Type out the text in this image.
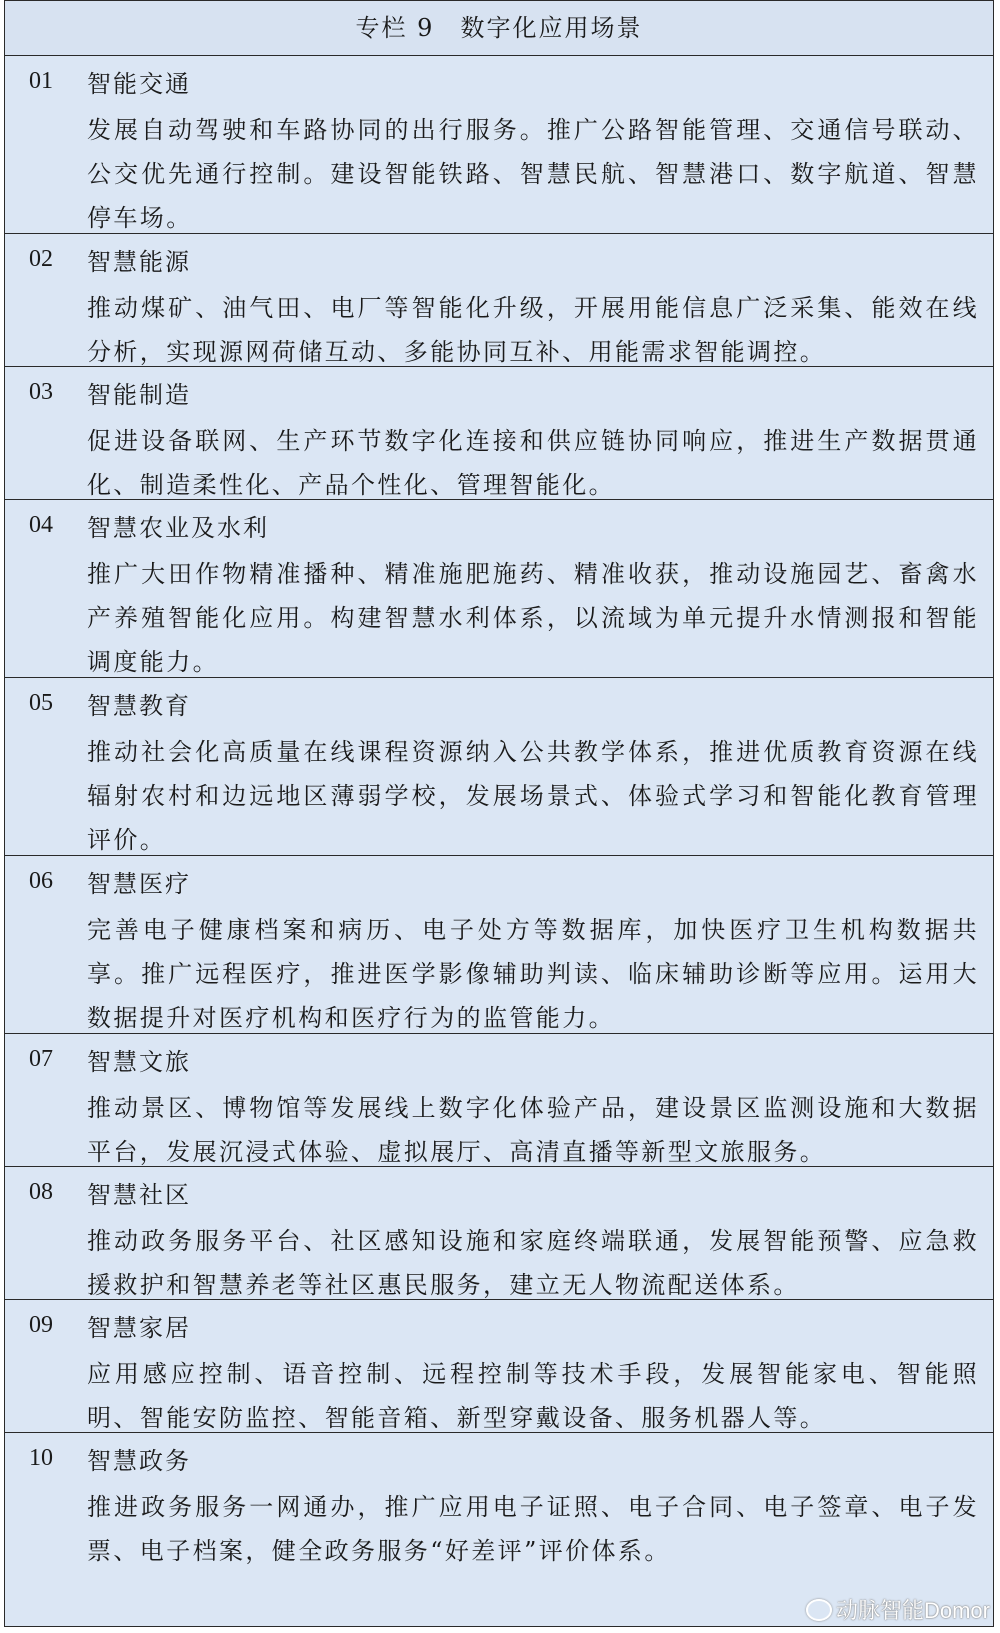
专栏 9　数字化应用场景
01 智能交通
发展自动驾驶和车路协同的出行服务。推广公路智能管理、交通信号联动、公交优先通行控制。建设智能铁路、智慧民航、智慧港口、数字航道、智慧停车场。
02 智慧能源
推动煤矿、油气田、电厂等智能化升级，开展用能信息广泛采集、能效在线分析，实现源网荷储互动、多能协同互补、用能需求智能调控。
03 智能制造
促进设备联网、生产环节数字化连接和供应链协同响应，推进生产数据贯通化、制造柔性化、产品个性化、管理智能化。
04 智慧农业及水利
推广大田作物精准播种、精准施肥施药、精准收获，推动设施园艺、畜禽水产养殖智能化应用。构建智慧水利体系，以流域为单元提升水情测报和智能调度能力。
05 智慧教育
推动社会化高质量在线课程资源纳入公共教学体系，推进优质教育资源在线辐射农村和边远地区薄弱学校，发展场景式、体验式学习和智能化教育管理评价。
06 智慧医疗
完善电子健康档案和病历、电子处方等数据库，加快医疗卫生机构数据共享。推广远程医疗，推进医学影像辅助判读、临床辅助诊断等应用。运用大数据提升对医疗机构和医疗行为的监管能力。
07 智慧文旅
推动景区、博物馆等发展线上数字化体验产品，建设景区监测设施和大数据平台，发展沉浸式体验、虚拟展厅、高清直播等新型文旅服务。
08 智慧社区
推动政务服务平台、社区感知设施和家庭终端联通，发展智能预警、应急救援救护和智慧养老等社区惠民服务，建立无人物流配送体系。
09 智慧家居
应用感应控制、语音控制、远程控制等技术手段，发展智能家电、智能照明、智能安防监控、智能音箱、新型穿戴设备、服务机器人等。
10 智慧政务
推进政务服务一网通办，推广应用电子证照、电子合同、电子签章、电子发票、电子档案，健全政务服务“好差评”评价体系。
动脉智能Domor
